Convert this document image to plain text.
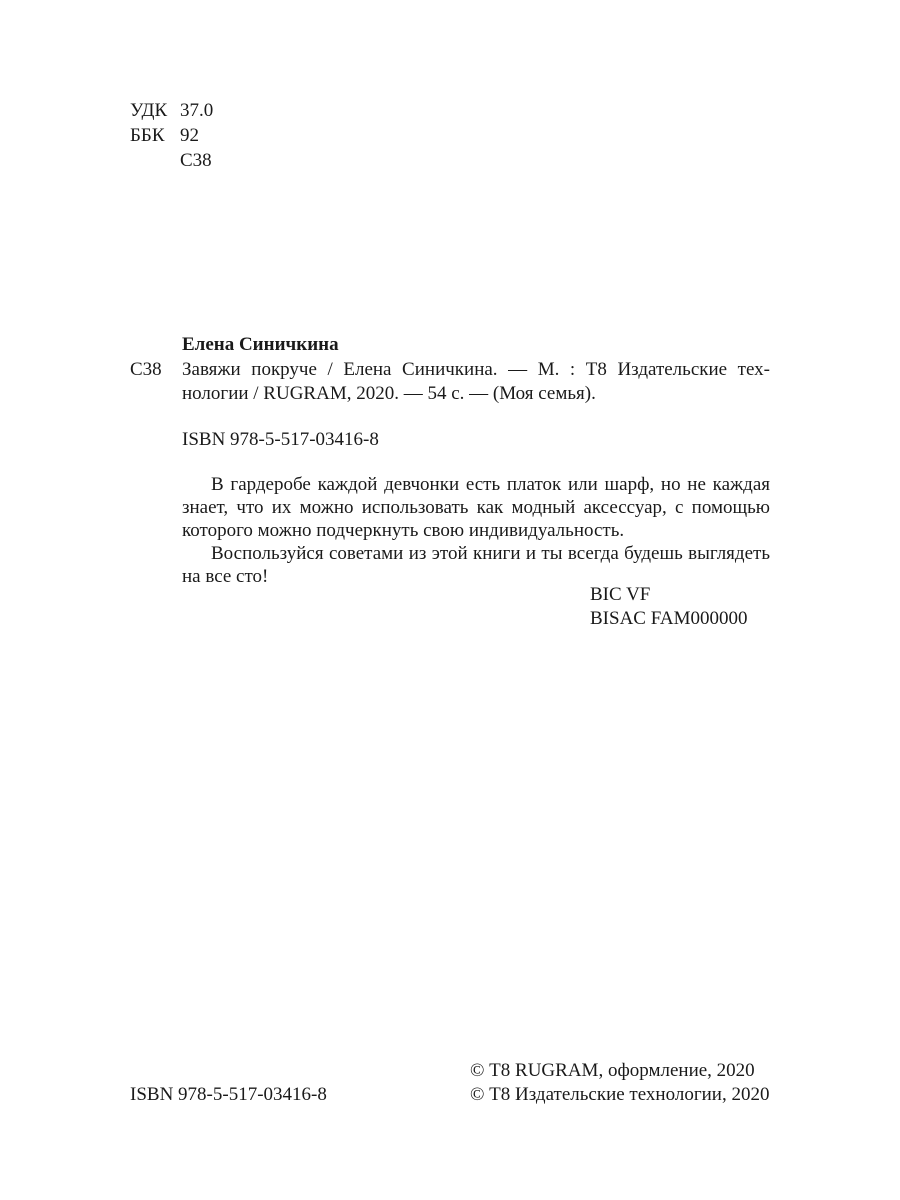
УДК 37.0
ББК 92
С38
Елена Синичкина
С38 Завяжи покруче / Елена Синичкина. — М. : Т8 Издательские тех-
нологии / RUGRAM, 2020. — 54 с. — (Моя семья).
ISBN 978-5-517-03416-8
В гардеробе каждой девчонки есть платок или шарф, но не каждая
знает, что их можно использовать как модный аксессуар, с помощью
которого можно подчеркнуть свою индивидуальность.
Воспользуйся советами из этой книги и ты всегда будешь выглядеть
на все сто!
BIC VF
BISAC FAM000000
© Т8 RUGRAM, оформление, 2020
ISBN 978-5-517-03416-8	© Т8 Издательские технологии, 2020
